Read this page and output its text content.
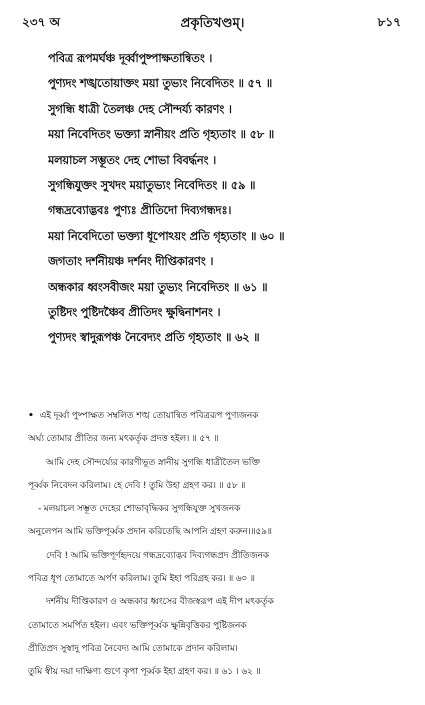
২৩৭ অ	প্রকৃতিখণ্ডম্।	৮১৭
পবিত্র রূপমর্ঘঞ্চ দূর্ব্বাপুষ্পাক্ষতান্বিতং ।
পুণ্যদং শঙ্খতোয়াক্তং ময়া তুভ্যং নিবেদিতং ॥ ৫৭ ॥
সুগন্ধি ধাত্রী তৈলঞ্চ দেহ সৌন্দর্য্য কারণং ।
ময়া নিবেদিতং ভক্ত্যা স্নানীয়ং প্রতি গৃহ্যতাং ॥ ৫৮ ॥
মলয়াচল সম্ভূতং দেহ শোভা বিবর্দ্ধনং ।
সুগন্ধিযুক্তং সুখদং ময়াতুভ্যং নিবেদিতং ॥ ৫৯ ॥
গন্ধদ্রব্যোদ্ভবঃ পুণ্যঃ প্রীতিদো দিব্যগন্ধদঃ।
ময়া নিবেদিতো ভক্ত্যা ধূপোঽয়ং প্রতি গৃহ্যতাং ॥ ৬০ ॥
জগতাং দর্শনীয়ঞ্চ দর্শনং দীপ্তিকারণং ।
অন্ধকার ধ্বংসবীজং ময়া তুভ্যং নিবেদিতং ॥ ৬১ ॥
তুষ্টিদং পুষ্টিদঞ্চৈব প্রীতিদং ক্ষুদ্বিনাশনং ।
পুণ্যদং স্বাদুরূপঞ্চ নৈবেদ্যং প্রতি গৃহ্যতাং ॥ ৬২ ॥
• এই দূর্ব্বা পুষ্পাক্ষত সম্বলিত শঙ্খ তোয়ান্বিত পবিত্ররূপ পুণ্যজনক
অর্ঘ্য তোমার প্রীতির জন্য মৎকর্তৃক প্রদত্ত হইল। ॥ ৫৭ ॥
আমি দেহ সৌন্দর্য্যের কারণীভূত স্নানীয় সুগন্ধি ধাত্রীতৈল ভক্তি
পূর্ব্বক নিবেদন করিলাম। হে দেবি ! তুমি উহা গ্রহণ কর। ॥ ৫৮ ॥
- মলয়াচল সম্ভূত দেহের শোভাবৃদ্ধিকর সুগন্ধিযুক্ত সুখজনক
অনুলেপন আমি ভক্তিপূর্ব্বক প্রদান করিতেছি আপনি গ্রহণ করুন।॥৫৯॥
দেবি ! আমি ভক্তিপূর্ণহৃদয়ে গন্ধদ্রব্যোদ্ভব দিব্যগন্ধপ্রদ প্রীতিজনক
পবিত্র ধূপ তোমাতে অর্পণ করিলাম। তুমি ইহা পরিগ্রহ কর। ॥ ৬০ ॥
দর্শনীয় দীপ্তিকারণ ও অন্ধকার ধ্বংসের বীজস্বরূপ এই দীপ মৎকর্তৃক
তোমাতে সমর্পিত হইল। এবং ভক্তিপূর্ব্বক ক্ষুন্নিবৃত্তিকর পুষ্টিজনক
প্রীতিপ্রদ সুস্বাদু পবিত্র নৈবেদ্য আমি তোমাকে প্রদান করিলাম।
তুমি স্বীয় দয়া দাক্ষিণ্য গুণে কৃপা পূর্ব্বক ইহা গ্রহণ কর। ॥ ৬১ । ৬২ ॥
